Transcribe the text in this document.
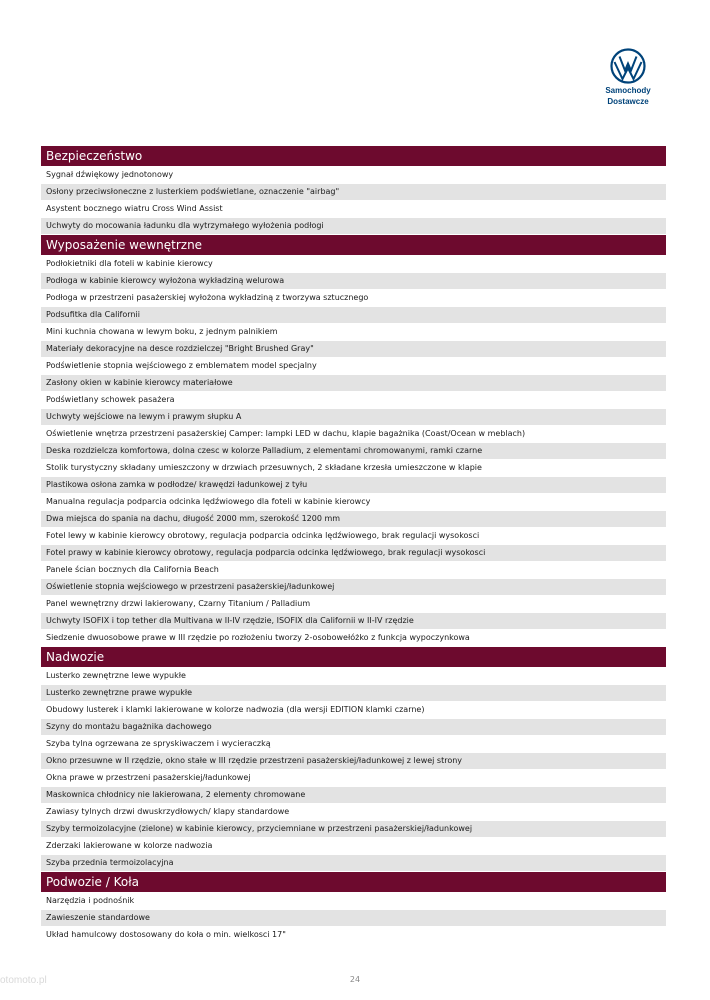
Samochody
Dostawcze
Bezpieczeństwo
Sygnał dźwiękowy jednotonowy
Osłony przeciwsłoneczne z lusterkiem podświetlane, oznaczenie "airbag"
Asystent bocznego wiatru Cross Wind Assist
Uchwyty do mocowania ładunku dla wytrzymałego wyłożenia podłogi
Wyposażenie wewnętrzne
Podłokietniki dla foteli w kabinie kierowcy
Podłoga w kabinie kierowcy wyłożona wykładziną welurowa
Podłoga w przestrzeni pasażerskiej wyłożona wykładziną z tworzywa sztucznego
Podsufitka dla Californii
Mini kuchnia chowana w lewym boku, z jednym palnikiem
Materiały dekoracyjne na desce rozdzielczej "Bright Brushed Gray"
Podświetlenie stopnia wejściowego z emblematem model specjalny
Zasłony okien w kabinie kierowcy materiałowe
Podświetlany schowek pasażera
Uchwyty wejściowe na lewym i prawym słupku A
Oświetlenie wnętrza przestrzeni pasażerskiej Camper: lampki LED w dachu, klapie bagażnika (Coast/Ocean w meblach)
Deska rozdzielcza komfortowa, dolna czesc w kolorze Palladium, z elementami chromowanymi, ramki czarne
Stolik turystyczny składany umieszczony w drzwiach przesuwnych, 2 składane krzesła umieszczone w klapie
Plastikowa osłona zamka w podłodze/ krawędzi ładunkowej z tyłu
Manualna regulacja podparcia odcinka lędźwiowego dla foteli w kabinie kierowcy
Dwa miejsca do spania na dachu, długość 2000 mm, szerokość 1200 mm
Fotel lewy w kabinie kierowcy obrotowy, regulacja podparcia odcinka lędźwiowego, brak regulacji wysokosci
Fotel prawy w kabinie kierowcy obrotowy, regulacja podparcia odcinka lędźwiowego, brak regulacji wysokosci
Panele ścian bocznych dla California Beach
Oświetlenie stopnia wejściowego w przestrzeni pasażerskiej/ładunkowej
Panel wewnętrzny drzwi lakierowany, Czarny Titanium / Palladium
Uchwyty ISOFIX i top tether dla Multivana w II-IV rzędzie, ISOFIX dla Californii w II-IV rzędzie
Siedzenie dwuosobowe prawe w III rzędzie po rozłożeniu tworzy 2-osobowełóżko z funkcja wypoczynkowa
Nadwozie
Lusterko zewnętrzne lewe wypukłe
Lusterko zewnętrzne prawe wypukłe
Obudowy lusterek i klamki lakierowane w kolorze nadwozia (dla wersji EDITION klamki czarne)
Szyny do montażu bagażnika dachowego
Szyba tylna ogrzewana ze spryskiwaczem i wycieraczką
Okno przesuwne w II rzędzie, okno stałe w III rzędzie przestrzeni pasażerskiej/ładunkowej z lewej strony
Okna prawe w przestrzeni pasażerskiej/ładunkowej
Maskownica chłodnicy nie lakierowana, 2 elementy chromowane
Zawiasy tylnych drzwi dwuskrzydłowych/ klapy standardowe
Szyby termoizolacyjne (zielone) w kabinie kierowcy, przyciemniane w przestrzeni pasażerskiej/ładunkowej
Zderzaki lakierowane w kolorze nadwozia
Szyba przednia termoizolacyjna
Podwozie / Koła
Narzędzia i podnośnik
Zawieszenie standardowe
Układ hamulcowy dostosowany do koła o min. wielkosci 17"
24
otomoto.pl
